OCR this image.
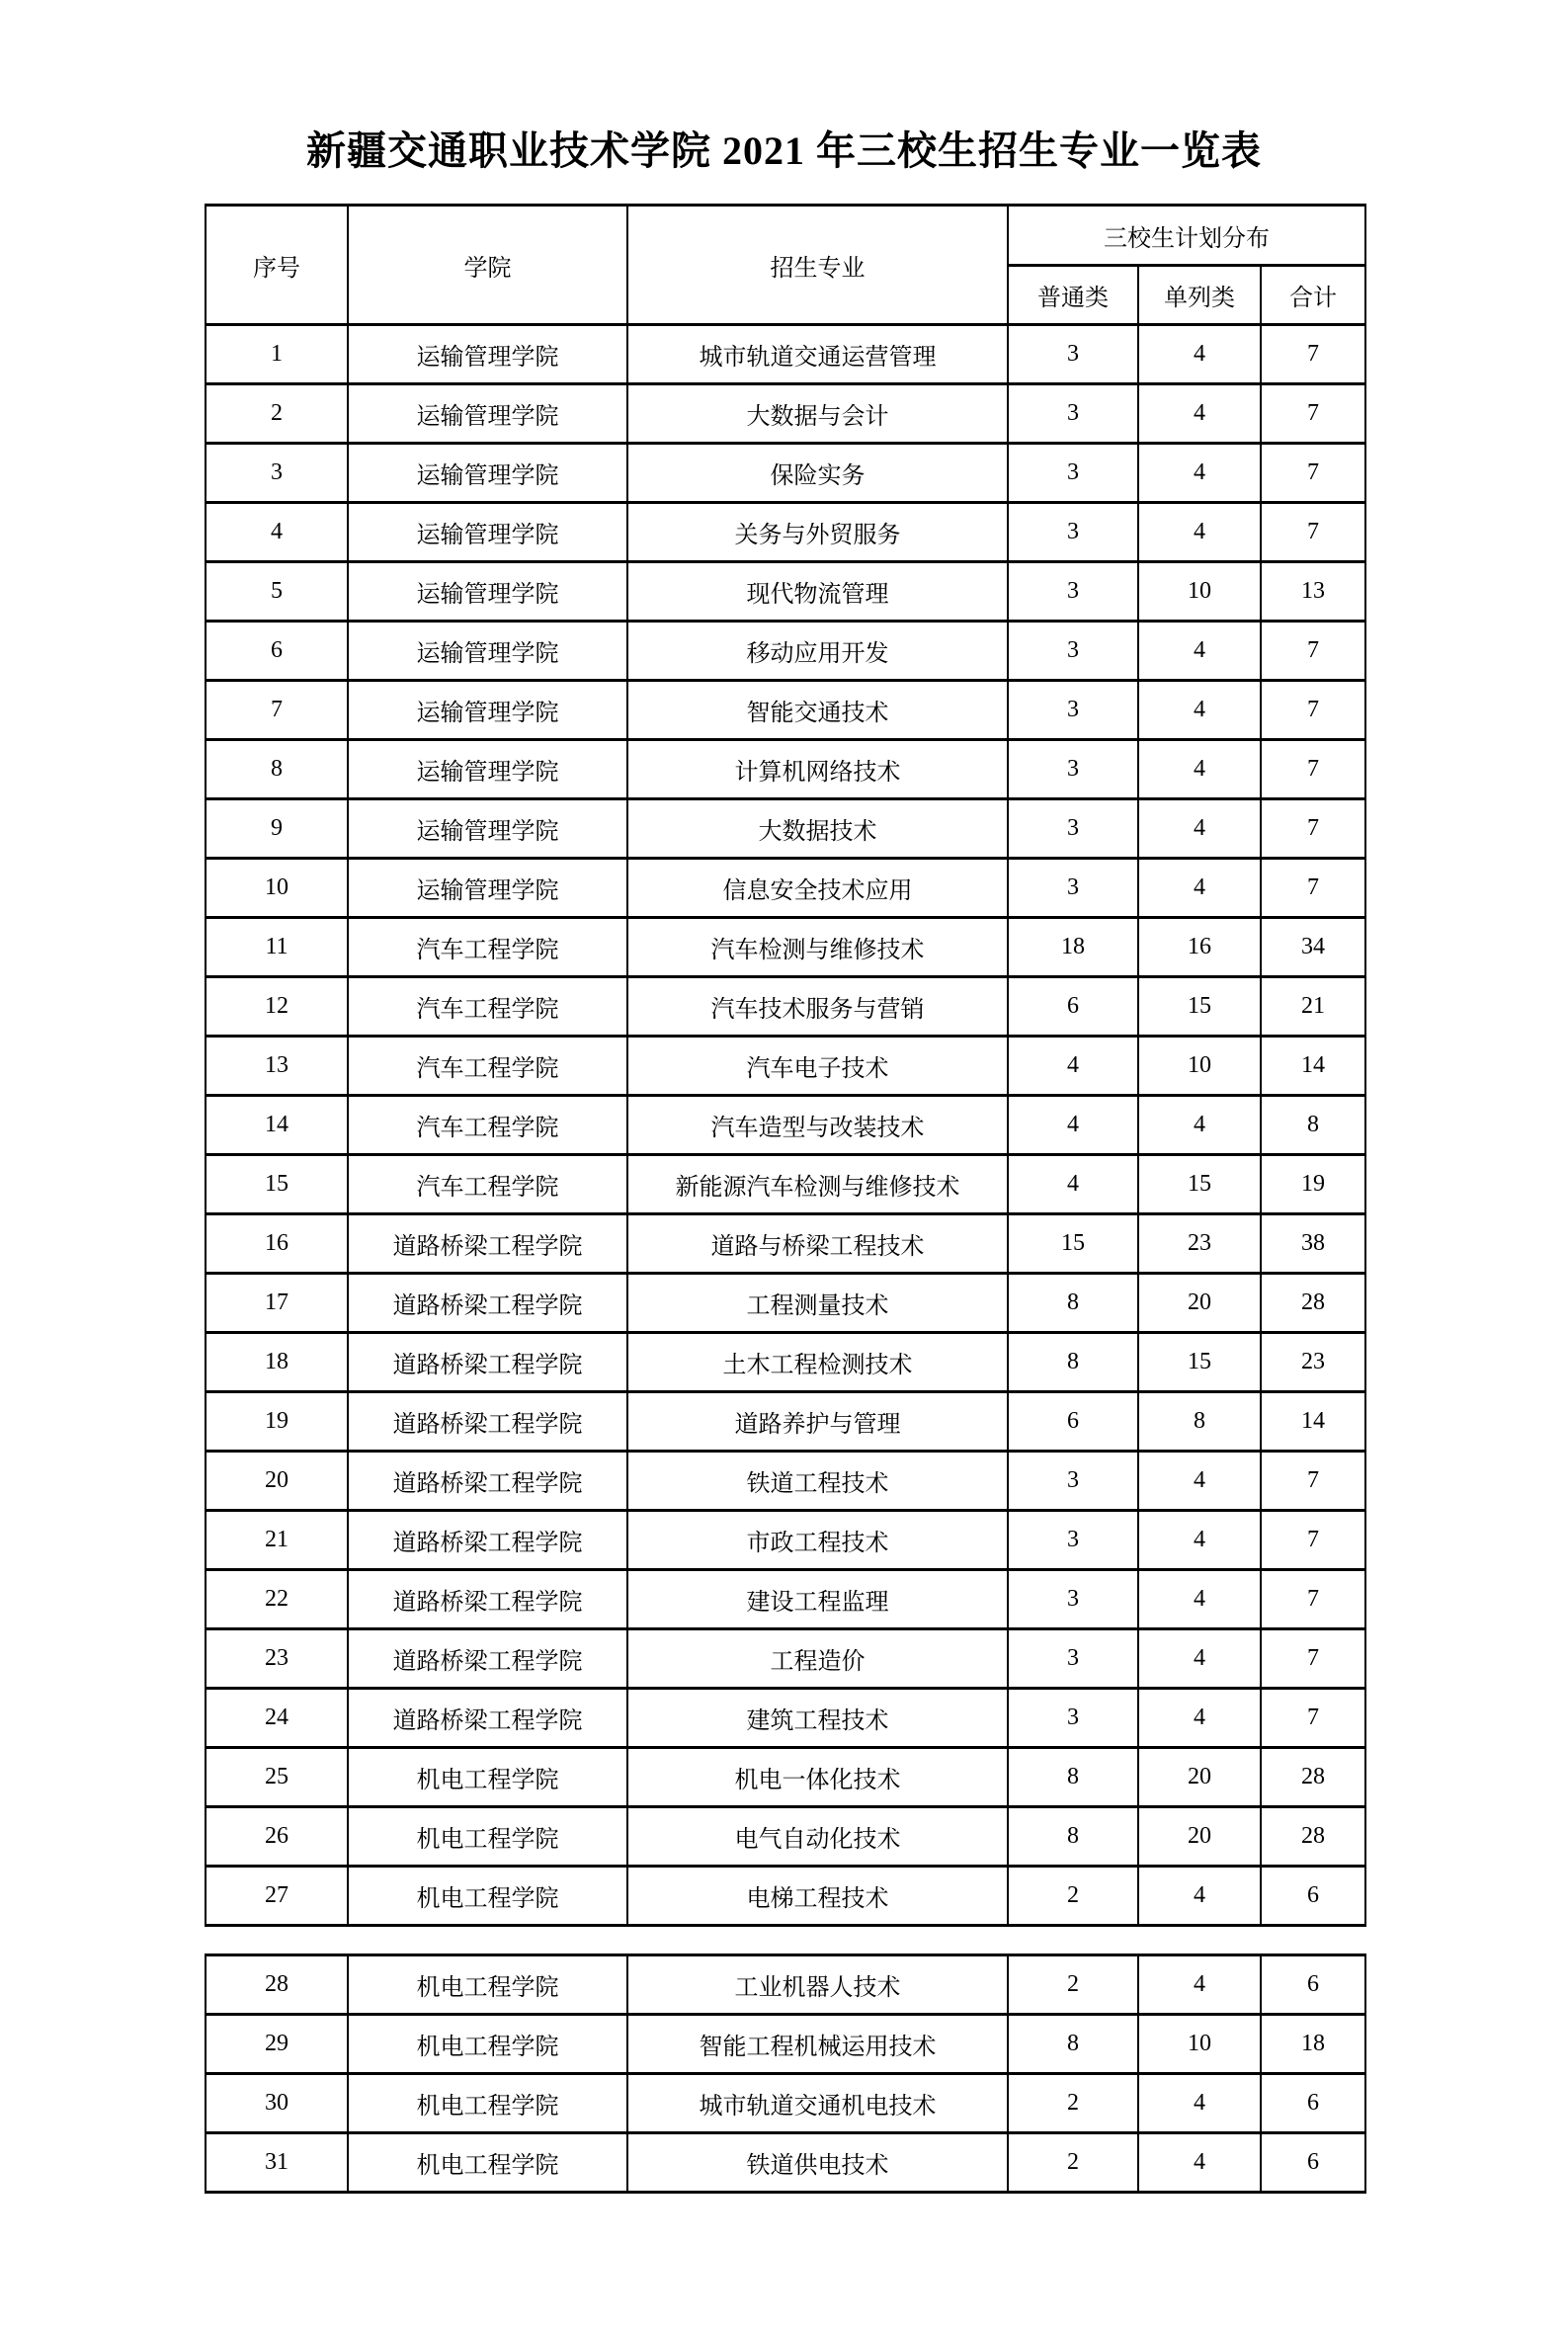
新疆交通职业技术学院 2021 年三校生招生专业一览表
序号	学院	招生专业	三校生计划分布		
			普通类	单列类	合计
1	运输管理学院	城市轨道交通运营管理	3	4	7
2	运输管理学院	大数据与会计	3	4	7
3	运输管理学院	保险实务	3	4	7
4	运输管理学院	关务与外贸服务	3	4	7
5	运输管理学院	现代物流管理	3	10	13
6	运输管理学院	移动应用开发	3	4	7
7	运输管理学院	智能交通技术	3	4	7
8	运输管理学院	计算机网络技术	3	4	7
9	运输管理学院	大数据技术	3	4	7
10	运输管理学院	信息安全技术应用	3	4	7
11	汽车工程学院	汽车检测与维修技术	18	16	34
12	汽车工程学院	汽车技术服务与营销	6	15	21
13	汽车工程学院	汽车电子技术	4	10	14
14	汽车工程学院	汽车造型与改装技术	4	4	8
15	汽车工程学院	新能源汽车检测与维修技术	4	15	19
16	道路桥梁工程学院	道路与桥梁工程技术	15	23	38
17	道路桥梁工程学院	工程测量技术	8	20	28
18	道路桥梁工程学院	土木工程检测技术	8	15	23
19	道路桥梁工程学院	道路养护与管理	6	8	14
20	道路桥梁工程学院	铁道工程技术	3	4	7
21	道路桥梁工程学院	市政工程技术	3	4	7
22	道路桥梁工程学院	建设工程监理	3	4	7
23	道路桥梁工程学院	工程造价	3	4	7
24	道路桥梁工程学院	建筑工程技术	3	4	7
25	机电工程学院	机电一体化技术	8	20	28
26	机电工程学院	电气自动化技术	8	20	28
27	机电工程学院	电梯工程技术	2	4	6
28	机电工程学院	工业机器人技术	2	4	6
29	机电工程学院	智能工程机械运用技术	8	10	18
30	机电工程学院	城市轨道交通机电技术	2	4	6
31	机电工程学院	铁道供电技术	2	4	6
